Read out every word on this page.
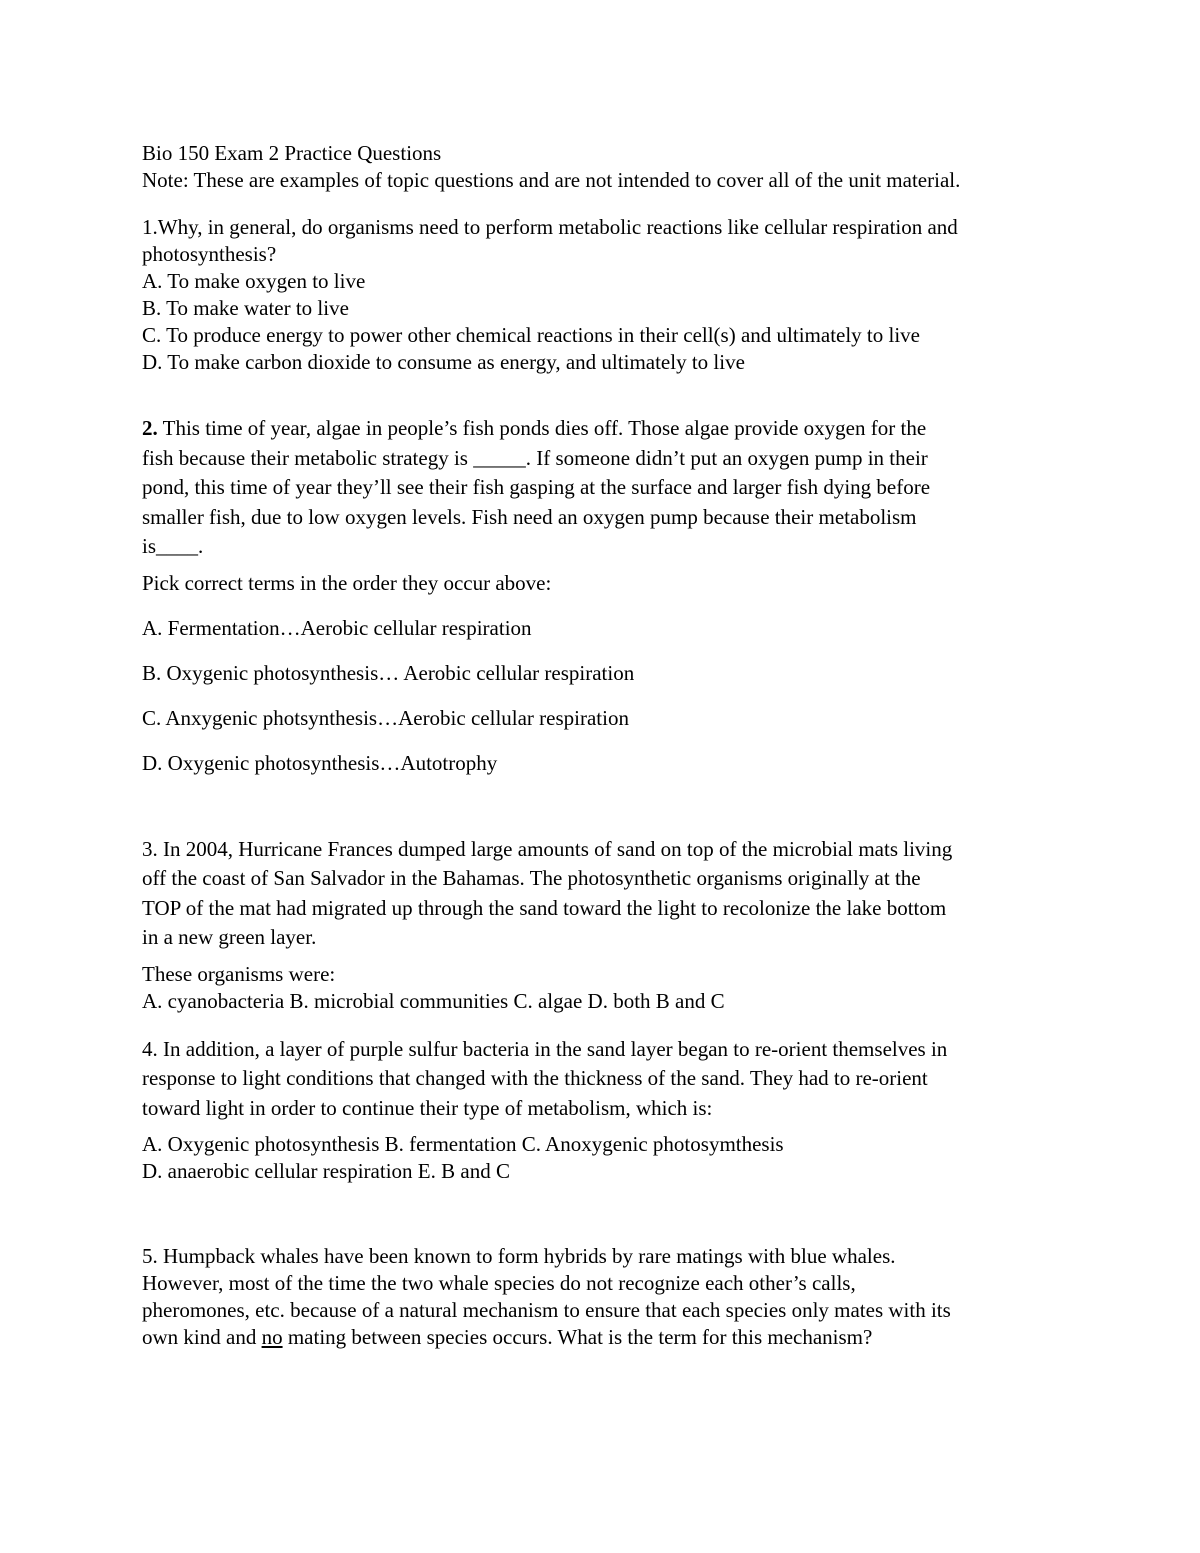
Bio 150 Exam 2 Practice Questions

Note: These are examples of topic questions and are not intended to cover all of the unit material.

1.Why, in general, do organisms need to perform metabolic reactions like cellular respiration and

photosynthesis?

A. To make oxygen to live

B. To make water to live

C. To produce energy to power other chemical reactions in their cell(s) and ultimately to live

D. To make carbon dioxide to consume as energy, and ultimately to live

2. This time of year, algae in people’s fish ponds dies off. Those algae provide oxygen for the

fish because their metabolic strategy is _____. If someone didn’t put an oxygen pump in their

pond, this time of year they’ll see their fish gasping at the surface and larger fish dying before

smaller fish, due to low oxygen levels. Fish need an oxygen pump because their metabolism

is____.

Pick correct terms in the order they occur above:

A. Fermentation…Aerobic cellular respiration

B. Oxygenic photosynthesis… Aerobic cellular respiration

C. Anxygenic photsynthesis…Aerobic cellular respiration

D. Oxygenic photosynthesis…Autotrophy

3. In 2004, Hurricane Frances dumped large amounts of sand on top of the microbial mats living

off the coast of San Salvador in the Bahamas. The photosynthetic organisms originally at the

TOP of the mat had migrated up through the sand toward the light to recolonize the lake bottom

in a new green layer.

These organisms were:

A. cyanobacteria B. microbial communities C. algae D. both B and C

4. In addition, a layer of purple sulfur bacteria in the sand layer began to re-orient themselves in

response to light conditions that changed with the thickness of the sand. They had to re-orient

toward light in order to continue their type of metabolism, which is:

A. Oxygenic photosynthesis B. fermentation C. Anoxygenic photosymthesis

D. anaerobic cellular respiration E. B and C

5. Humpback whales have been known to form hybrids by rare matings with blue whales.

However, most of the time the two whale species do not recognize each other’s calls,

pheromones, etc. because of a natural mechanism to ensure that each species only mates with its

own kind and no mating between species occurs. What is the term for this mechanism?
